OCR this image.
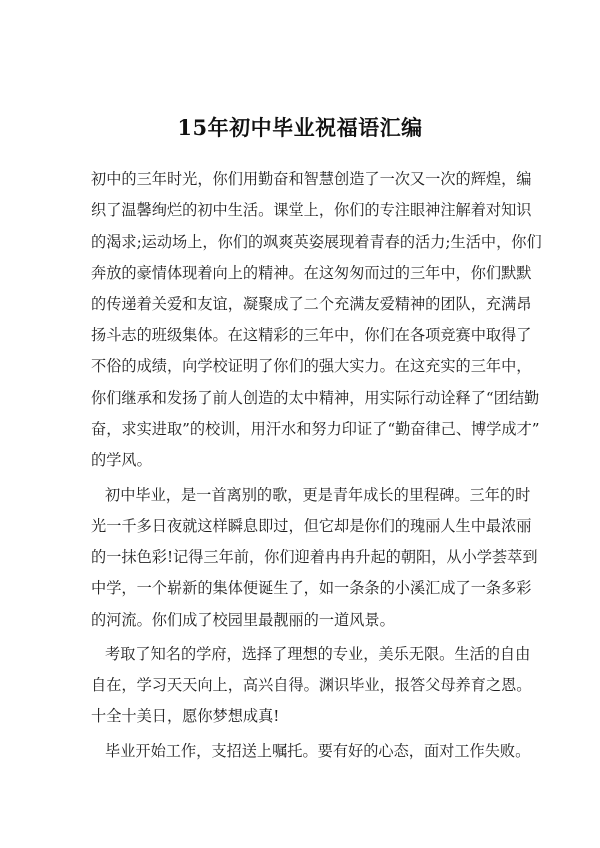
15年初中毕业祝福语汇编
初中的三年时光，你们用勤奋和智慧创造了一次又一次的辉煌，编
织了温馨绚烂的初中生活。课堂上，你们的专注眼神注解着对知识
的渴求;运动场上，你们的飒爽英姿展现着青春的活力;生活中，你们
奔放的豪情体现着向上的精神。在这匆匆而过的三年中，你们默默
的传递着关爱和友谊，凝聚成了二个充满友爱精神的团队，充满昂
扬斗志的班级集体。在这精彩的三年中，你们在各项竞赛中取得了
不俗的成绩，向学校证明了你们的强大实力。在这充实的三年中，
你们继承和发扬了前人创造的太中精神，用实际行动诠释了“团结勤
奋，求实进取”的校训，用汗水和努力印证了“勤奋律己、博学成才”
的学风。
初中毕业，是一首离别的歌，更是青年成长的里程碑。三年的时
光一千多日夜就这样瞬息即过，但它却是你们的瑰丽人生中最浓丽
的一抹色彩!记得三年前，你们迎着冉冉升起的朝阳，从小学荟萃到
中学，一个崭新的集体便诞生了，如一条条的小溪汇成了一条多彩
的河流。你们成了校园里最靓丽的一道风景。
考取了知名的学府，选择了理想的专业，美乐无限。生活的自由
自在，学习天天向上，高兴自得。渊识毕业，报答父母养育之恩。
十全十美日，愿你梦想成真!
毕业开始工作，支招送上嘱托。要有好的心态，面对工作失败。
